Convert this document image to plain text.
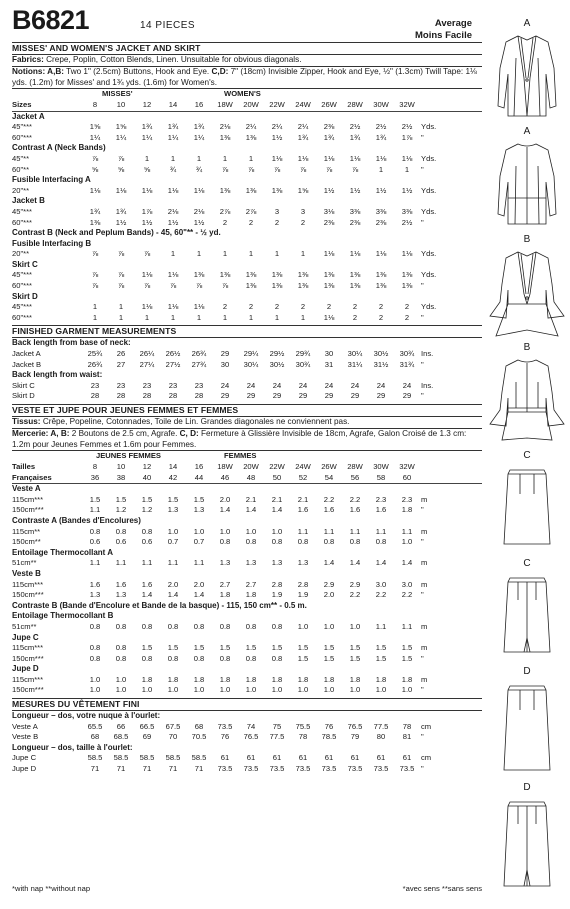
B6821	14 PIECES	Average
Moins Facile
MISSES' AND WOMEN'S JACKET AND SKIRT
Fabrics: Crepe, Poplin, Cotton Blends, Linen. Unsuitable for obvious diagonals.
Notions: A,B: Two 1" (2.5cm) Buttons, Hook and Eye. C,D: 7" (18cm) Invisible Zipper, Hook and Eye, ½" (1.3cm) Twill Tape: 1⅛ yds. (1.2m) for Misses' and 1¾ yds. (1.6m) for Women's.
	MISSES'					WOMEN'S								
Sizes	8	10	12	14	16	18W	20W	22W	24W	26W	28W	30W	32W	
Jacket A														
45"***	1⅝	1⅝	1¾	1¾	1¾	2⅛	2¼	2¼	2¼	2⅜	2½	2½	2½	Yds.
60"***	1¼	1¼	1¼	1¼	1¼	1⅜	1⅜	1½	1¾	1¾	1¾	1¾	1⅞	"
Contrast A (Neck Bands)														
45"**	⅞	⅞	1	1	1	1	1	1⅛	1⅛	1⅛	1⅛	1⅛	1⅛	Yds.
60"**	⅝	⅝	⅝	¾	¾	⅞	⅞	⅞	⅞	⅞	⅞	1	1	"
Fusible Interfacing A														
20"**	1⅛	1⅛	1⅛	1⅛	1⅛	1⅜	1⅜	1⅜	1⅝	1½	1½	1½	1½	Yds.
Jacket B														
45"***	1¾	1¾	1⅞	2⅛	2⅛	2⅞	2⅞	3	3	3⅛	3⅜	3⅜	3⅜	Yds.
60"***	1⅜	1½	1½	1½	1½	2	2	2	2	2⅜	2⅜	2⅜	2½	"
Contrast B (Neck and Peplum Bands) - 45, 60"** - ½ yd.														
Fusible Interfacing B														
20"**	⅞	⅞	⅞	1	1	1	1	1	1	1⅛	1⅛	1⅛	1⅛	Yds.
Skirt C														
45"***	⅞	⅞	1⅛	1⅛	1⅜	1⅜	1⅜	1⅜	1⅜	1⅜	1⅜	1⅜	1⅜	Yds.
60"***	⅞	⅞	⅞	⅞	⅞	⅞	1⅜	1⅜	1⅜	1⅜	1⅜	1⅜	1⅜	"
Skirt D														
45"***	1	1	1⅛	1⅛	1⅛	2	2	2	2	2	2	2	2	Yds.
60"***	1	1	1	1	1	1	1	1	1	1⅛	2	2	2	"
FINISHED GARMENT MEASUREMENTS
Back length from base of neck:														
Jacket A	25¾	26	26¼	26½	26¾	29	29¼	29½	29¾	30	30¼	30½	30¾	Ins.
Jacket B	26¾	27	27¼	27½	27¾	30	30¼	30½	30¾	31	31¼	31½	31¾	"
Back length from waist:														
Skirt C	23	23	23	23	23	24	24	24	24	24	24	24	24	Ins.
Skirt D	28	28	28	28	28	29	29	29	29	29	29	29	29	"
VESTE ET JUPE POUR JEUNES FEMMES ET FEMMES
Tissus: Crêpe, Popeline, Cotonnades, Toile de Lin. Grandes diagonales ne conviennent pas.
Mercerie: A, B: 2 Boutons de 2.5 cm, Agrafe. C, D: Fermeture à Glissière Invisible de 18cm, Agrafe, Galon Croisé de 1.3 cm: 1.2m pour Jeunes Femmes et 1.6m pour Femmes.
	JEUNES FEMMES					FEMMES								
Tailles	8	10	12	14	16	18W	20W	22W	24W	26W	28W	30W	32W	
Françaises	36	38	40	42	44	46	48	50	52	54	56	58	60	
Veste A														
115cm***	1.5	1.5	1.5	1.5	1.5	2.0	2.1	2.1	2.1	2.2	2.2	2.3	2.3	m
150cm***	1.1	1.2	1.2	1.3	1.3	1.4	1.4	1.4	1.6	1.6	1.6	1.6	1.8	"
Contraste A (Bandes d'Encolures)														
115cm**	0.8	0.8	0.8	1.0	1.0	1.0	1.0	1.0	1.1	1.1	1.1	1.1	1.1	m
150cm**	0.6	0.6	0.6	0.7	0.7	0.8	0.8	0.8	0.8	0.8	0.8	0.8	1.0	"
Entoilage Thermocollant A														
51cm**	1.1	1.1	1.1	1.1	1.1	1.3	1.3	1.3	1.3	1.4	1.4	1.4	1.4	m
Veste B														
115cm***	1.6	1.6	1.6	2.0	2.0	2.7	2.7	2.8	2.8	2.9	2.9	3.0	3.0	m
150cm***	1.3	1.3	1.4	1.4	1.4	1.8	1.8	1.9	1.9	2.0	2.2	2.2	2.2	"
Contraste B (Bande d'Encolure et Bande de la basque) - 115, 150 cm** - 0.5 m.														
Entoilage Thermocollant B														
51cm**	0.8	0.8	0.8	0.8	0.8	0.8	0.8	0.8	1.0	1.0	1.0	1.1	1.1	m
Jupe C														
115cm***	0.8	0.8	1.5	1.5	1.5	1.5	1.5	1.5	1.5	1.5	1.5	1.5	1.5	m
150cm***	0.8	0.8	0.8	0.8	0.8	0.8	0.8	0.8	1.5	1.5	1.5	1.5	1.5	"
Jupe D														
115cm***	1.0	1.0	1.8	1.8	1.8	1.8	1.8	1.8	1.8	1.8	1.8	1.8	1.8	m
150cm***	1.0	1.0	1.0	1.0	1.0	1.0	1.0	1.0	1.0	1.0	1.0	1.0	1.0	"
MESURES DU VÊTEMENT FINI
Longueur – dos, votre nuque à l'ourlet:														
Veste A	65.5	66	66.5	67.5	68	73.5	74	75	75.5	76	76.5	77.5	78	cm
Veste B	68	68.5	69	70	70.5	76	76.5	77.5	78	78.5	79	80	81	"
Longueur – dos, taille à l'ourlet:														
Jupe C	58.5	58.5	58.5	58.5	58.5	61	61	61	61	61	61	61	61	cm
Jupe D	71	71	71	71	71	73.5	73.5	73.5	73.5	73.5	73.5	73.5	73.5	"
*with nap **without nap	*avec sens **sans sens
A
A
B
B
C
C
D
D
